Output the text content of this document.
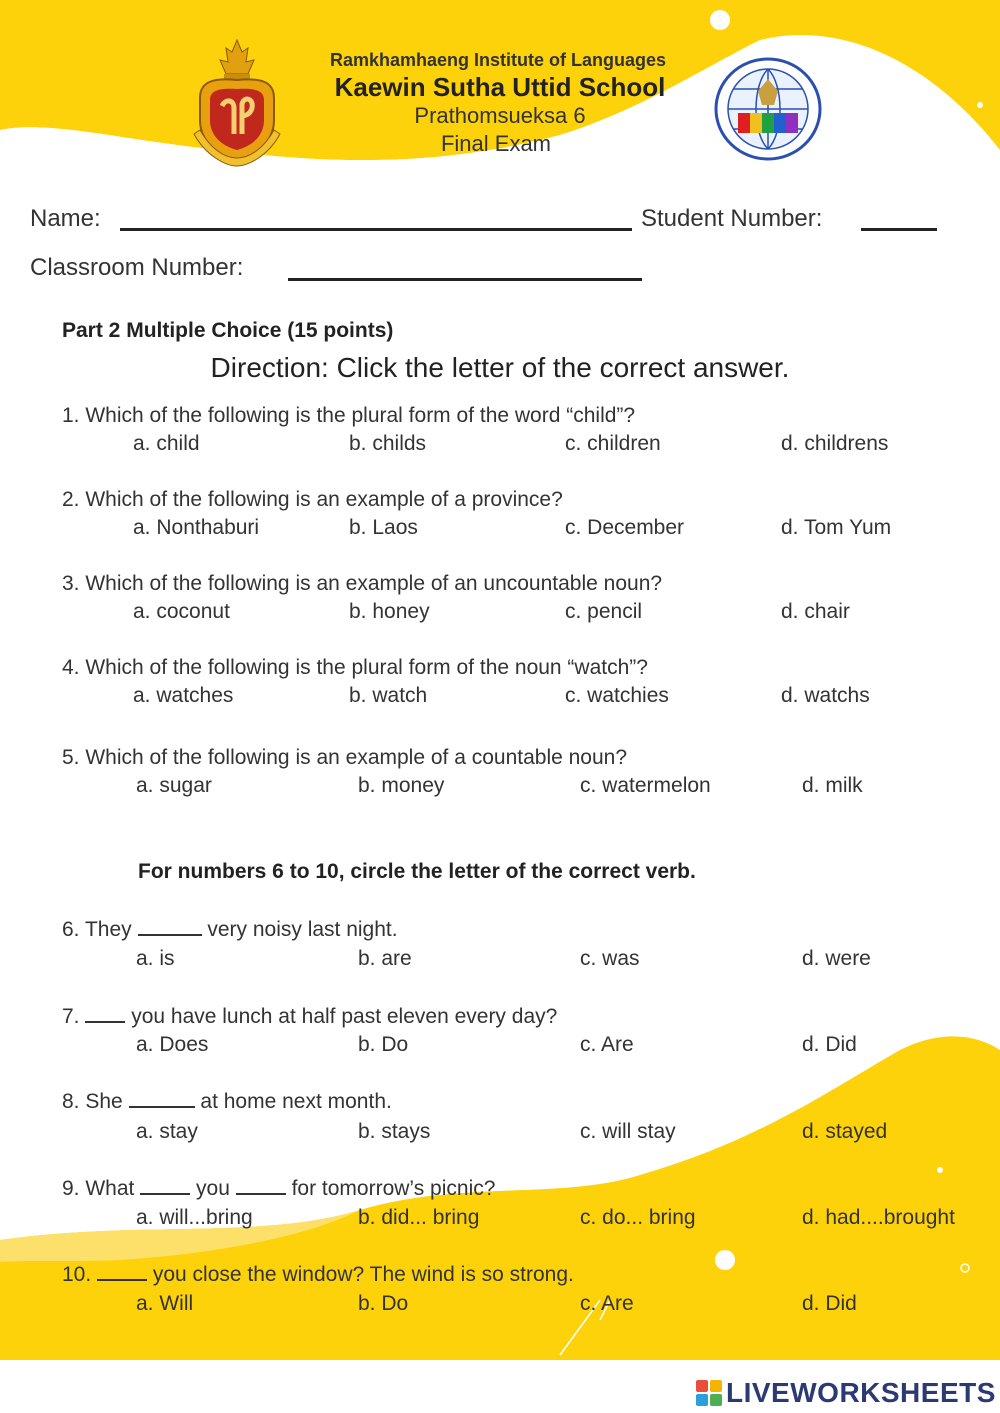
Ramkhamhaeng Institute of Languages
Kaewin Sutha Uttid School
Prathomsueksa 6
Final Exam
Name:	Student Number:
Classroom Number:
Part 2 Multiple Choice (15 points)
Direction: Click the letter of the correct answer.
For numbers 6 to 10, circle the letter of the correct verb.
1. Which of the following is the plural form of the word “child”?
a. child	b. childs	c. children	d. childrens
2. Which of the following is an example of a province?
a. Nonthaburi	b. Laos	c. December	d. Tom Yum
3. Which of the following is an example of an uncountable noun?
a. coconut	b. honey	c. pencil	d. chair
4. Which of the following is the plural form of the noun “watch”?
a. watches	b. watch	c. watchies	d. watchs
5. Which of the following is an example of a countable noun?
a. sugar	b. money	c. watermelon	d. milk
6. They	very noisy last night.
a. is	b. are	c. was	d. were
7.  you have lunch at half past eleven every day?
a. Does	b. Do	c. Are	d. Did
8. She	at home next month.
a. stay	b. stays	c. will stay	d. stayed
9. What  you  for tomorrow’s picnic?
a. will...bring	b. did... bring	c. do... bring	d. had....brought
10.  you close the window? The wind is so strong.
a. Will	b. Do	c. Are	d. Did
LIVEWORKSHEETS
